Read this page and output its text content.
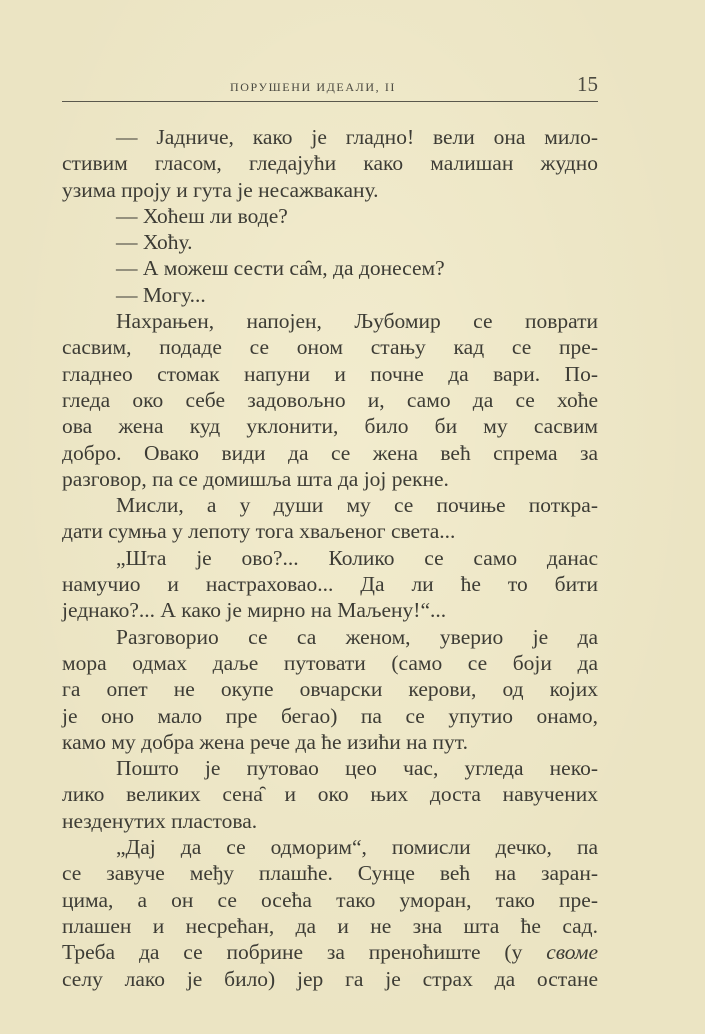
ПОРУШЕНИ ИДЕАЛИ, II	15
— Јадниче, како је гладно! вели она мило-
стивим гласом, гледајући како малишан жудно
узима проју и гута је несажвакану.
— Хоћеш ли воде?
— Хоћу.
— А можеш сести са̑м, да донесем?
— Могу...
Нахрањен, напојен, Љубомир се поврати
сасвим, подаде се оном стању кад се пре-
гладнео стомак напуни и почне да вари. По-
гледа око себе задовољно и, само да се хоће
ова жена куд уклонити, било би му сасвим
добро. Овако види да се жена већ спрема за
разговор, па се домишља шта да јој рекне.
Мисли, а у души му се почиње поткра-
дати сумња у лепоту тога хваљеног света...
„Шта је ово?... Колико се само данас
намучио и настраховао... Да ли ће то бити
једнако?... А како је мирно на Маљену!“...
Разговорио се са женом, уверио је да
мора одмах даље путовати (само се боји да
га опет не окупе овчарски керови, од којих
је оно мало пре бегао) па се упутио онамо,
камо му добра жена рече да ће изићи на пут.
Пошто је путовао цео час, угледа неко-
лико великих сена̑ и око њих доста навучених
незденутих пластова.
„Дај да се одморим“, помисли дечко, па
се завуче међу плашће. Сунце већ на заран-
цима, а он се осећа тако уморан, тако пре-
плашен и несрећан, да и не зна шта ће сад.
Треба да се побрине за преноћиште (у своме
селу лако је било) јер га је страх да остане
